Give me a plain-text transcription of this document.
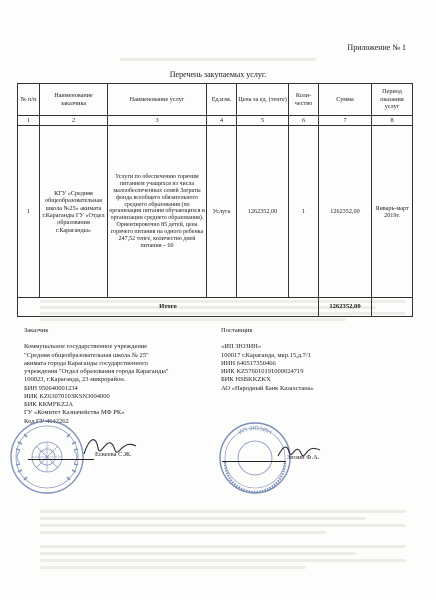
Приложение № 1
Перечень закупаемых услуг.
№ п/п	Наименование заказчика	Наименование услуг	Ед.изм.	Цена за ед. (тенге)	Коли-чество	Сумма	Период оказания услуг
1	2	3	4	5	6	7	8
1	КГУ «Средняя общеобразовательная школа №25» акимата г.Караганды ГУ «Отдел образования г.Караганды»	Услуги по обеспечению горячим питанием учащихся из числа малообеспеченных семей Затраты фонда всеобщего обязательного среднего образования (по организации питания обучающихся в организации среднего образования). Ориентировочно 85 детей, цена горячего питания на одного ребенка 247,52 тенге, количество дней питания – 60	Услуга	1262352,00	1	1262352,00	Январь-март 2019г.
Итого						1262352,00	
Заказчик
Коммунальное государственное учреждение
"Средняя общеобразовательная школа № 25"
акимата города Караганды государственного
учреждения "Отдел образования города Караганды"
100023, г.Караганда, 23 микрорайон.
БИН 950640001234
ИИК KZ6307010ЗKSN3004000
БИК ККМFKZ2A
ГУ «Комитет Казначейства МФ РК»
Код ГУ 4642262
Поставщик
«ИП ЗЮЗИН»
100017 г.Караганда, мкр.15,д.7/1
ИИН 640517350466
ИИК KZ576010191000024719
БИК HSBKKZKX
АО «Народный Банк Казахстана»
ИП ЗЮЗИН
Ескеева С.Ж.	Зюзин Ф.А.
